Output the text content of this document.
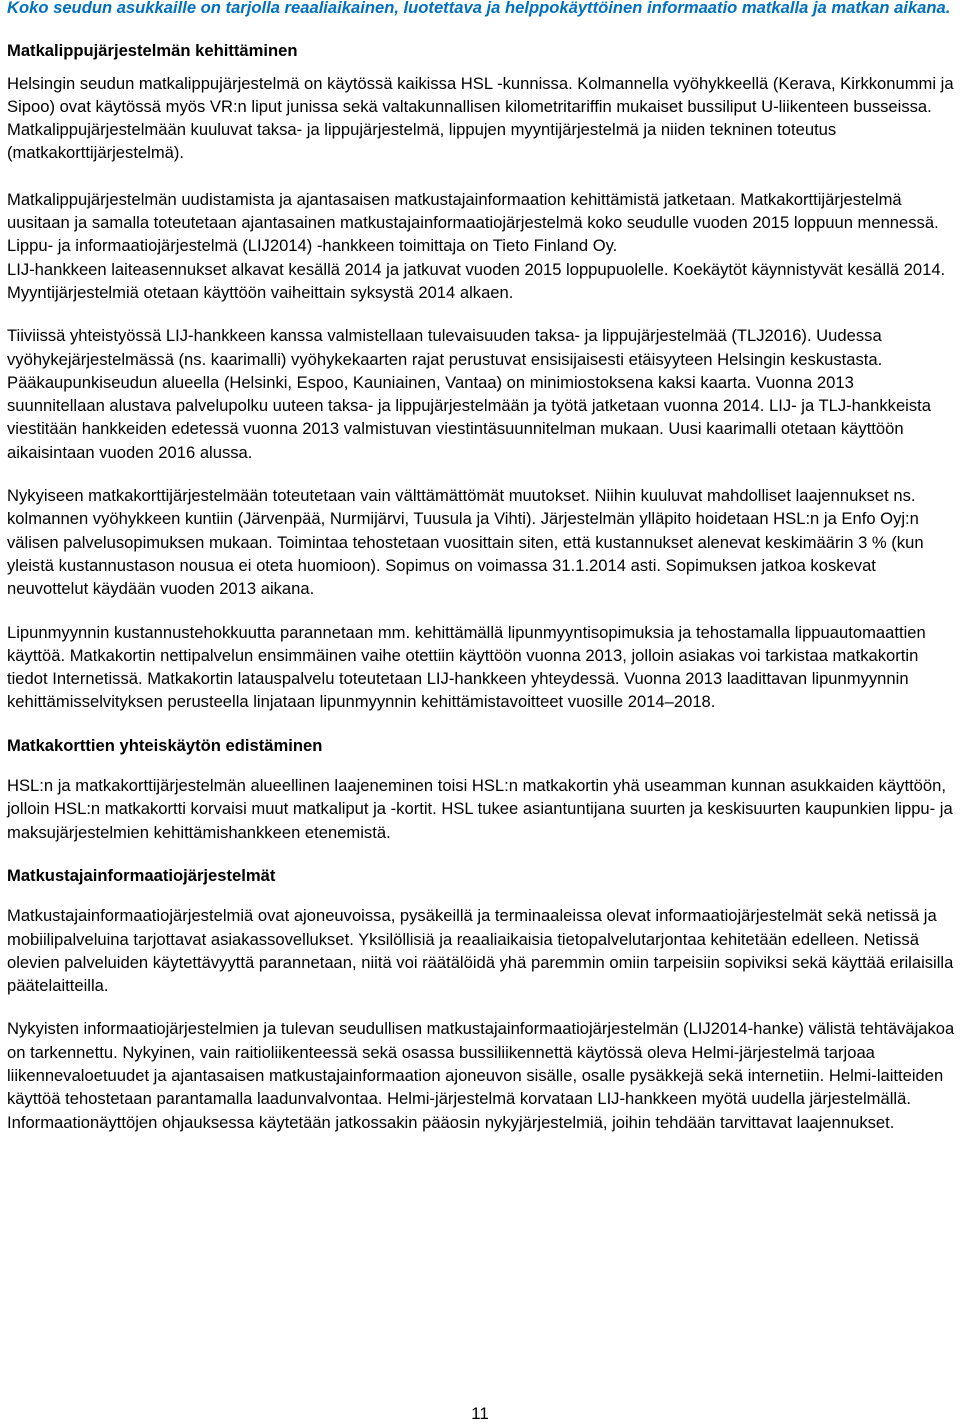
Koko seudun asukkaille on tarjolla reaaliaikainen, luotettava ja helppokäyttöinen informaatio matkalla ja matkan aikana.

Matkalippujärjestelmän kehittäminen

Helsingin seudun matkalippujärjestelmä on käytössä kaikissa HSL -kunnissa. Kolmannella vyöhykkeellä (Kerava, Kirkkonummi ja Sipoo) ovat käytössä myös VR:n liput junissa sekä valtakunnallisen kilometritariffin mukaiset bussiliput U-liikenteen busseissa. Matkalippujärjestelmään kuuluvat taksa- ja lippujärjestelmä, lippujen myyntijärjestelmä ja niiden tekninen toteutus (matkakorttijärjestelmä).

Matkalippujärjestelmän uudistamista ja ajantasaisen matkustajainformaation kehittämistä jatketaan. Matkakorttijärjestelmä uusitaan ja samalla toteutetaan ajantasainen matkustajainformaatiojärjestelmä koko seudulle vuoden 2015 loppuun mennessä. Lippu- ja informaatiojärjestelmä (LIJ2014) -hankkeen toimittaja on Tieto Finland Oy.

LIJ-hankkeen laiteasennukset alkavat kesällä 2014 ja jatkuvat vuoden 2015 loppupuolelle. Koekäytöt käynnistyvät kesällä 2014. Myyntijärjestelmiä otetaan käyttöön vaiheittain syksystä 2014 alkaen.

Tiiviissä yhteistyössä LIJ-hankkeen kanssa valmistellaan tulevaisuuden taksa- ja lippujärjestelmää (TLJ2016). Uudessa vyöhykejärjestelmässä (ns. kaarimalli) vyöhykekaarten rajat perustuvat ensisijaisesti etäisyyteen Helsingin keskustasta. Pääkaupunkiseudun alueella (Helsinki, Espoo, Kauniainen, Vantaa) on minimiostoksena kaksi kaarta. Vuonna 2013 suunnitellaan alustava palvelupolku uuteen taksa- ja lippujärjestelmään ja työtä jatketaan vuonna 2014. LIJ- ja TLJ-hankkeista viestitään hankkeiden edetessä vuonna 2013 valmistuvan viestintäsuunnitelman mukaan. Uusi kaarimalli otetaan käyttöön aikaisintaan vuoden 2016 alussa.

Nykyiseen matkakorttijärjestelmään toteutetaan vain välttämättömät muutokset. Niihin kuuluvat mahdolliset laajennukset ns. kolmannen vyöhykkeen kuntiin (Järvenpää, Nurmijärvi, Tuusula ja Vihti). Järjestelmän ylläpito hoidetaan HSL:n ja Enfo Oyj:n välisen palvelusopimuksen mukaan. Toimintaa tehostetaan vuosittain siten, että kustannukset alenevat keskimäärin 3 % (kun yleistä kustannustason nousua ei oteta huomioon). Sopimus on voimassa 31.1.2014 asti. Sopimuksen jatkoa koskevat neuvottelut käydään vuoden 2013 aikana.

Lipunmyynnin kustannustehokkuutta parannetaan mm. kehittämällä lipunmyyntisopimuksia ja tehostamalla lippuautomaattien käyttöä. Matkakortin nettipalvelun ensimmäinen vaihe otettiin käyttöön vuonna 2013, jolloin asiakas voi tarkistaa matkakortin tiedot Internetissä. Matkakortin latauspalvelu toteutetaan LIJ-hankkeen yhteydessä. Vuonna 2013 laadittavan lipunmyynnin kehittämisselvityksen perusteella linjataan lipunmyynnin kehittämistavoitteet vuosille 2014–2018.

Matkakorttien yhteiskäytön edistäminen

HSL:n ja matkakorttijärjestelmän alueellinen laajeneminen toisi HSL:n matkakortin yhä useamman kunnan asukkaiden käyttöön, jolloin HSL:n matkakortti korvaisi muut matkaliput ja -kortit. HSL tukee asiantuntijana suurten ja keskisuurten kaupunkien lippu- ja maksujärjestelmien kehittämishankkeen etenemistä.

Matkustajainformaatiojärjestelmät

Matkustajainformaatiojärjestelmiä ovat ajoneuvoissa, pysäkeillä ja terminaaleissa olevat informaatiojärjestelmät sekä netissä ja mobiilipalveluina tarjottavat asiakassovellukset. Yksilöllisiä ja reaaliaikaisia tietopalvelutarjontaa kehitetään edelleen. Netissä olevien palveluiden käytettävyyttä parannetaan, niitä voi räätälöidä yhä paremmin omiin tarpeisiin sopiviksi sekä käyttää erilaisilla päätelaitteilla.

Nykyisten informaatiojärjestelmien ja tulevan seudullisen matkustajainformaatiojärjestelmän (LIJ2014-hanke) välistä tehtäväjakoa on tarkennettu. Nykyinen, vain raitioliikenteessä sekä osassa bussiliikennettä käytössä oleva Helmi-järjestelmä tarjoaa liikennevaloetuudet ja ajantasaisen matkustajainformaation ajoneuvon sisälle, osalle pysäkkejä sekä internetiin. Helmi-laitteiden käyttöä tehostetaan parantamalla laadunvalvontaa. Helmi-järjestelmä korvataan LIJ-hankkeen myötä uudella järjestelmällä. Informaationäyttöjen ohjauksessa käytetään jatkossakin pääosin nykyjärjestelmiä, joihin tehdään tarvittavat laajennukset.

11
